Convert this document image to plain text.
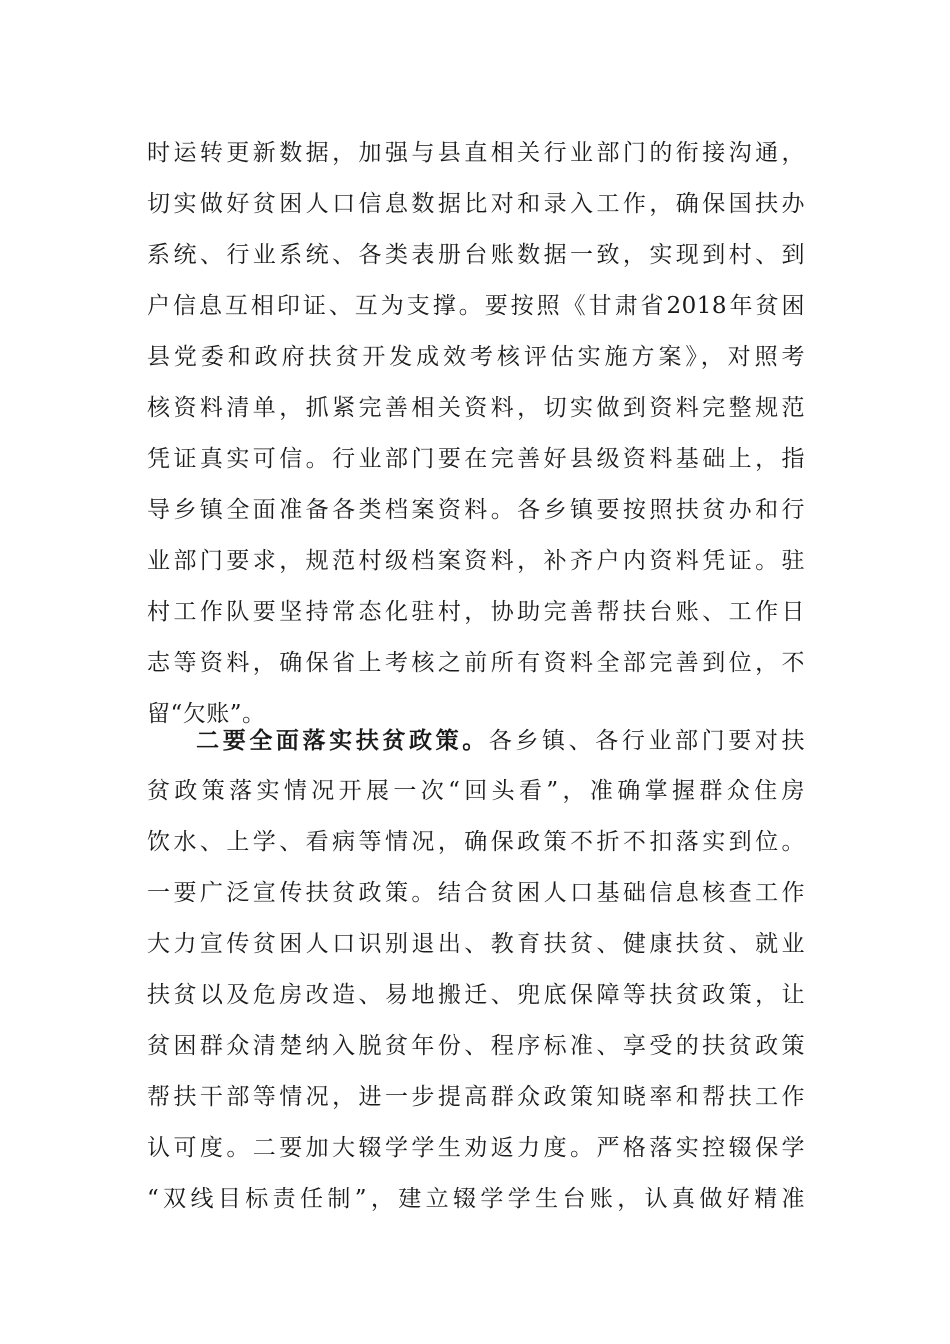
时运转更新数据，加强与县直相关行业部门的衔接沟通，
切实做好贫困人口信息数据比对和录入工作，确保国扶办
系统、行业系统、各类表册台账数据一致，实现到村、到
户信息互相印证、互为支撑。要按照《甘肃省2018年贫困
县党委和政府扶贫开发成效考核评估实施方案》，对照考
核资料清单，抓紧完善相关资料，切实做到资料完整规范
凭证真实可信。行业部门要在完善好县级资料基础上，指
导乡镇全面准备各类档案资料。各乡镇要按照扶贫办和行
业部门要求，规范村级档案资料，补齐户内资料凭证。驻
村工作队要坚持常态化驻村，协助完善帮扶台账、工作日
志等资料，确保省上考核之前所有资料全部完善到位，不
留“欠账”。
二要全面落实扶贫政策。各乡镇、各行业部门要对扶
贫政策落实情况开展一次“回头看”，准确掌握群众住房
饮水、上学、看病等情况，确保政策不折不扣落实到位。
一要广泛宣传扶贫政策。结合贫困人口基础信息核查工作
大力宣传贫困人口识别退出、教育扶贫、健康扶贫、就业
扶贫以及危房改造、易地搬迁、兜底保障等扶贫政策，让
贫困群众清楚纳入脱贫年份、程序标准、享受的扶贫政策
帮扶干部等情况，进一步提高群众政策知晓率和帮扶工作
认可度。二要加大辍学学生劝返力度。严格落实控辍保学
“双线目标责任制”，建立辍学学生台账，认真做好精准
